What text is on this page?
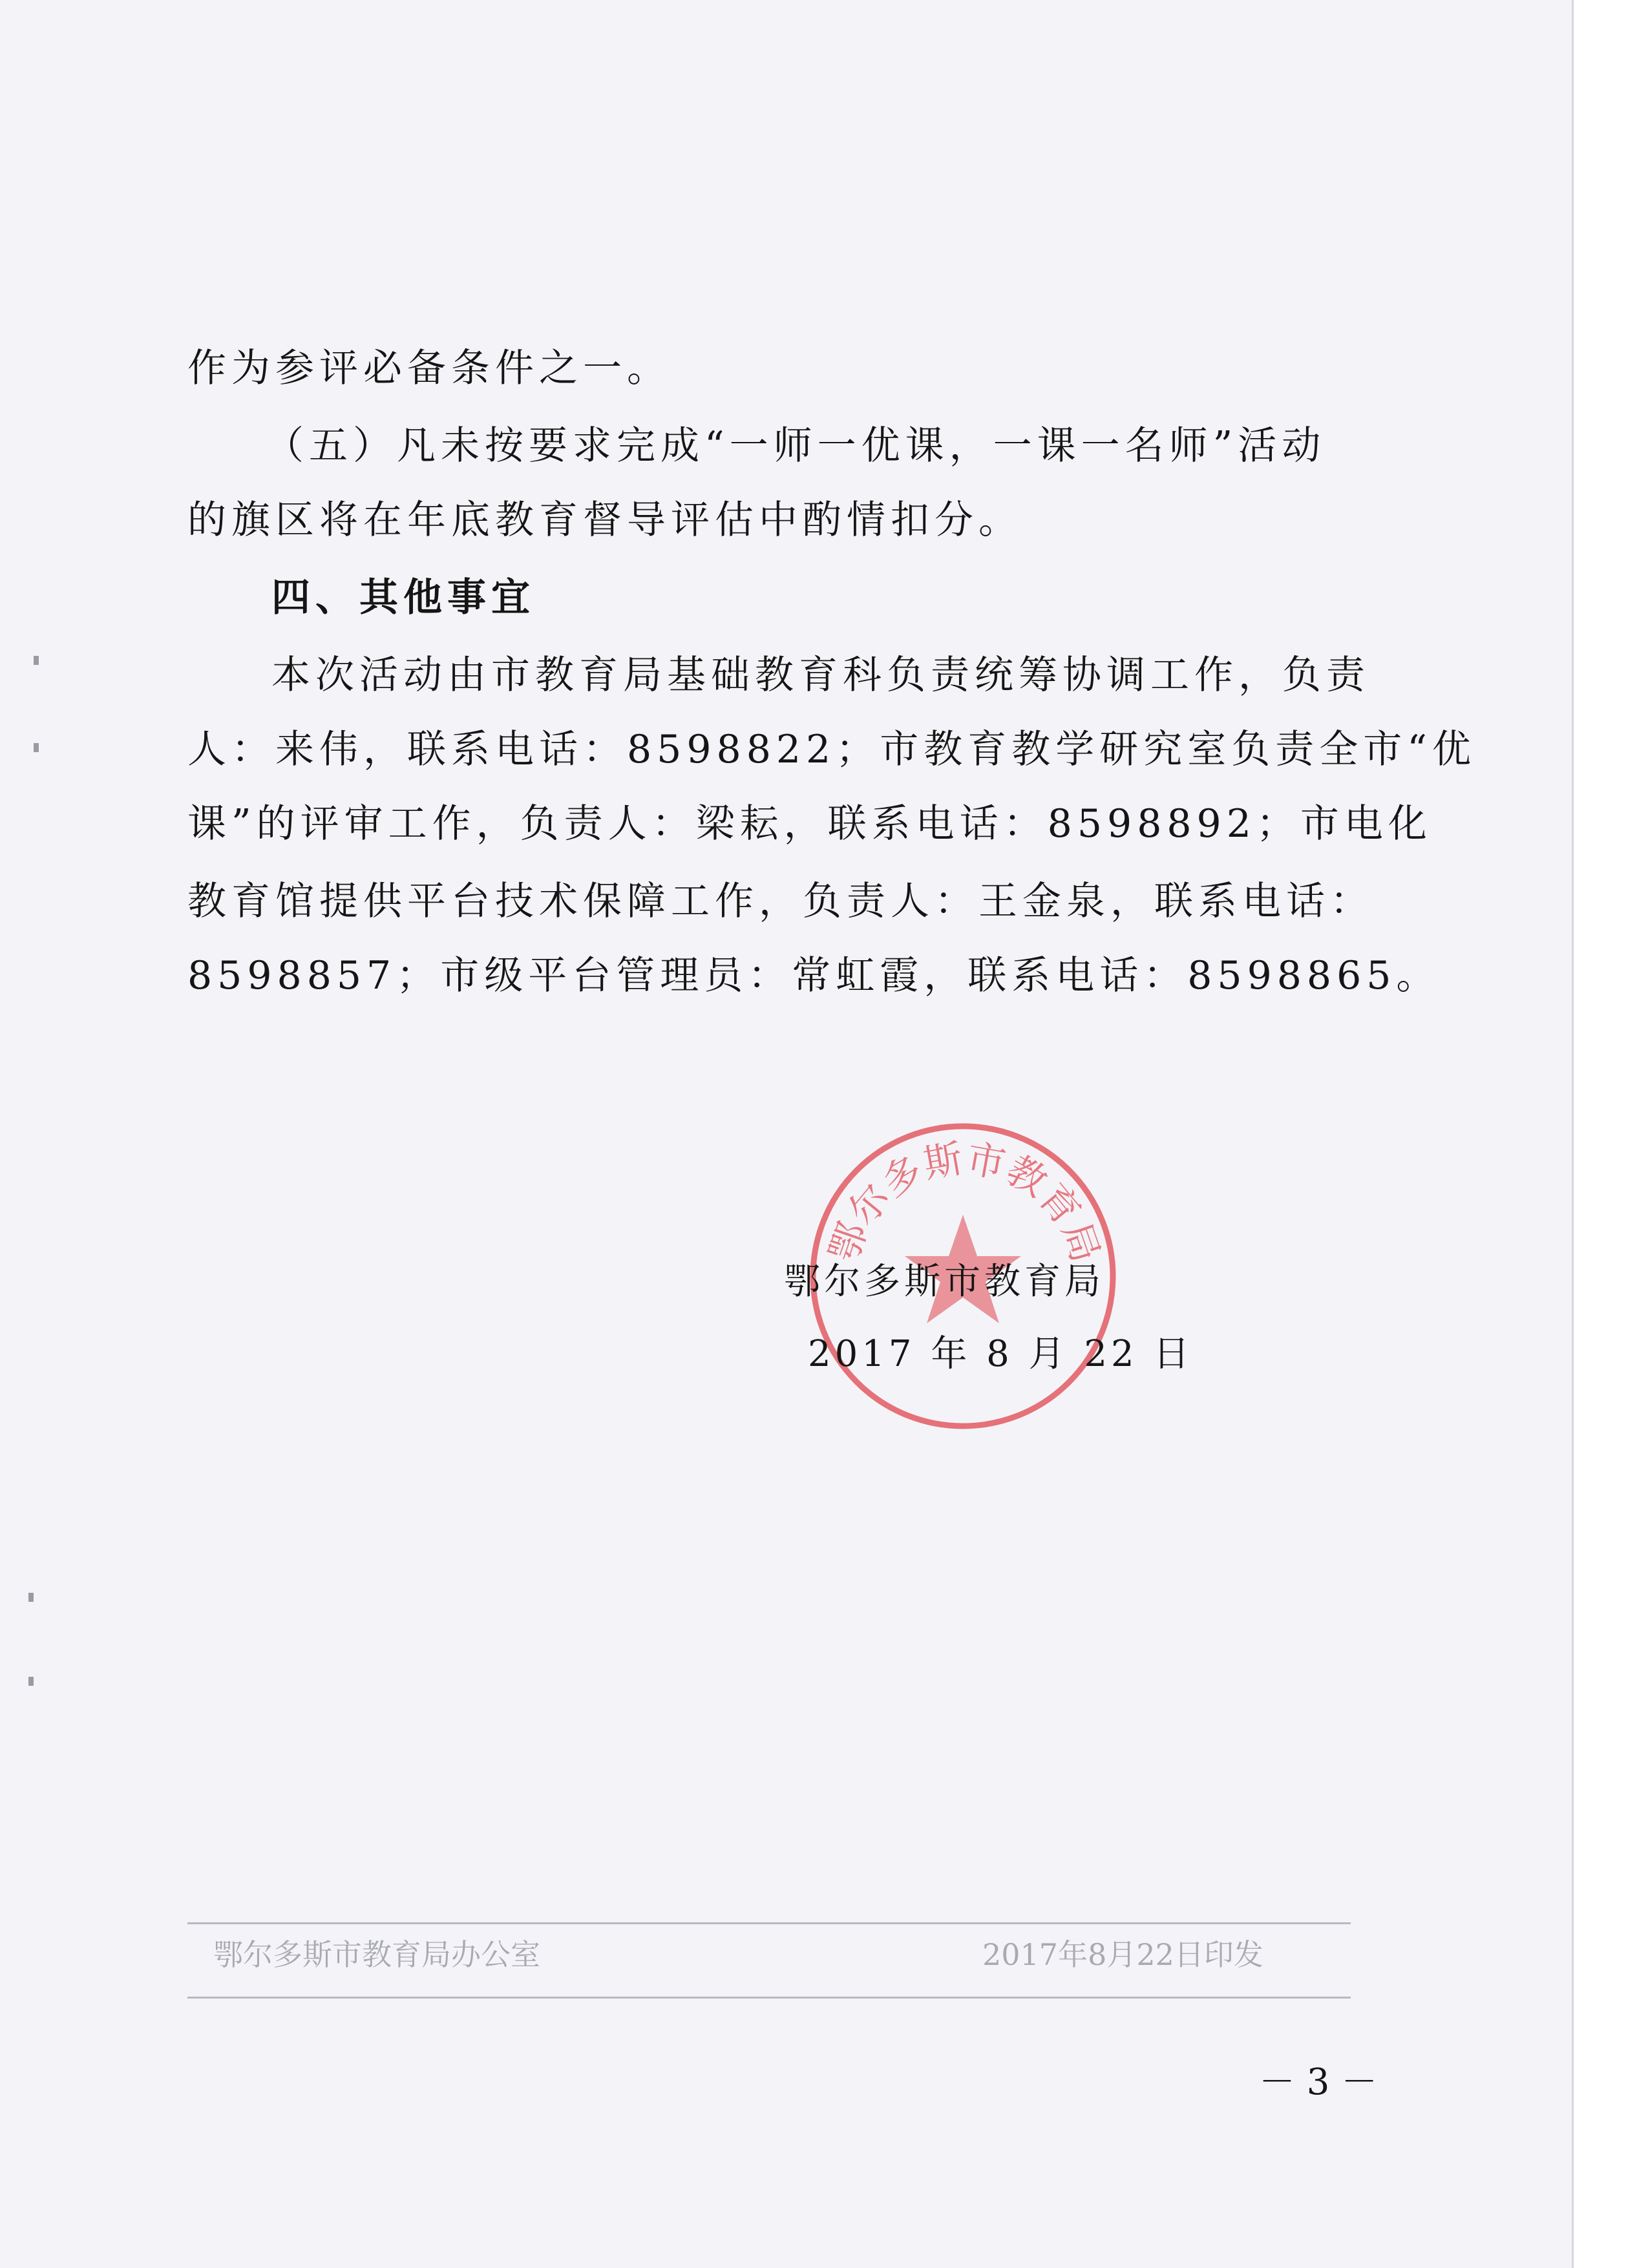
作为参评必备条件之一。
（五）凡未按要求完成“一师一优课，一课一名师”活动
的旗区将在年底教育督导评估中酌情扣分。
四、其他事宜
本次活动由市教育局基础教育科负责统筹协调工作，负责
人：来伟，联系电话：8598822；市教育教学研究室负责全市“优
课”的评审工作，负责人：梁耘，联系电话：8598892；市电化
教育馆提供平台技术保障工作，负责人：王金泉，联系电话：
8598857；市级平台管理员：常虹霞，联系电话：8598865。
鄂尔多斯市教育局
鄂尔多斯市教育局
2017 年 8 月 22 日
鄂尔多斯市教育局办公室	2017年8月22日印发
－ 3 －
